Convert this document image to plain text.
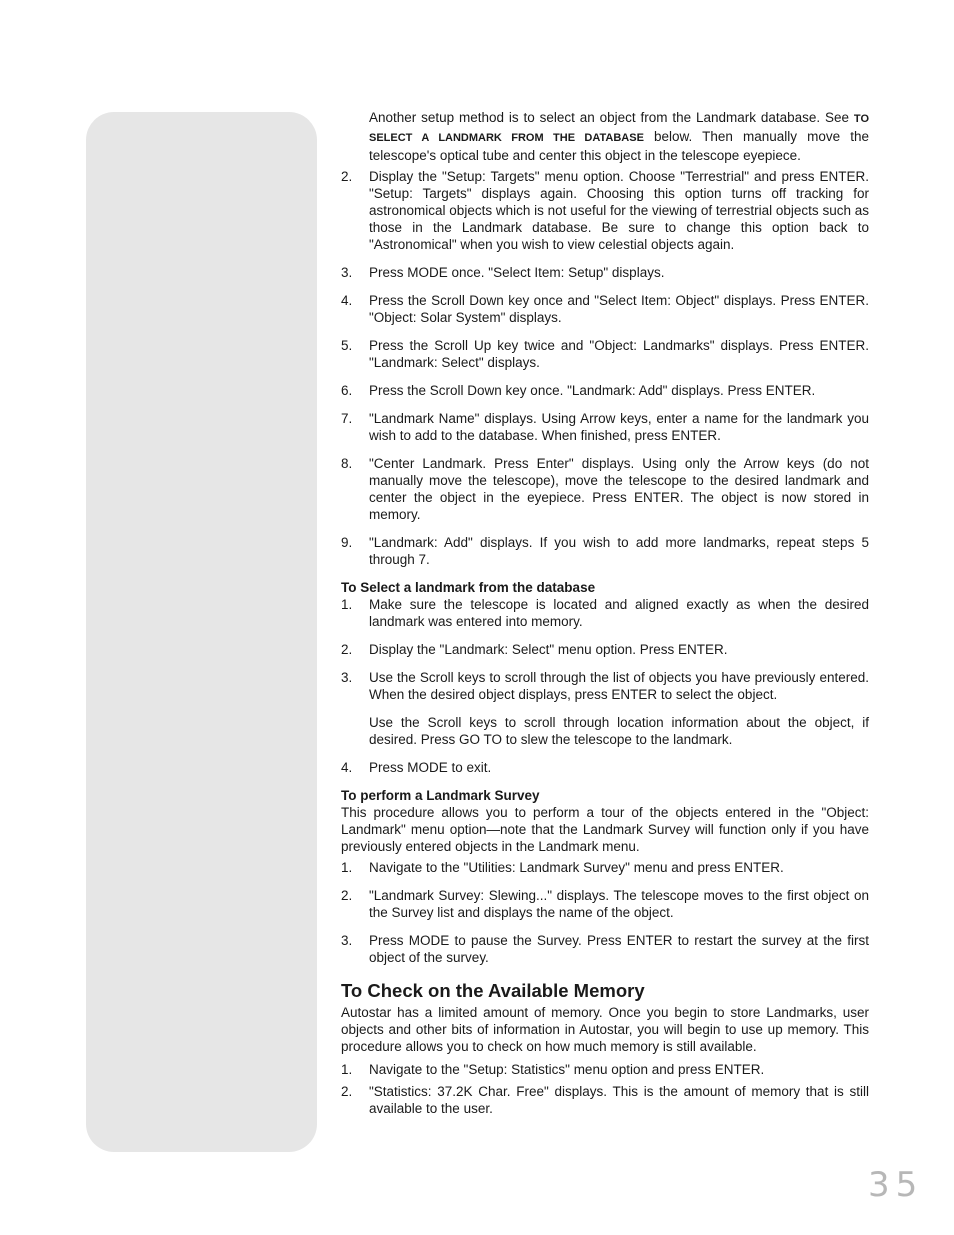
Another setup method is to select an object from the Landmark database. See TO SELECT A LANDMARK FROM THE DATABASE below. Then manually move the telescope's optical tube and center this object in the telescope eyepiece.

2.	Display the "Setup: Targets" menu option. Choose "Terrestrial" and press ENTER. "Setup: Targets" displays again. Choosing this option turns off tracking for astronomical objects which is not useful for the viewing of terrestrial objects such as those in the Landmark database. Be sure to change this option back to "Astronomical" when you wish to view celestial objects again.
3.	Press MODE once. "Select Item: Setup" displays.
4.	Press the Scroll Down key once and "Select Item: Object" displays. Press ENTER. "Object: Solar System" displays.
5.	Press the Scroll Up key twice and "Object: Landmarks" displays. Press ENTER. "Landmark: Select" displays.
6.	Press the Scroll Down key once. "Landmark: Add" displays. Press ENTER.
7.	"Landmark Name" displays. Using Arrow keys, enter a name for the landmark you wish to add to the database. When finished, press ENTER.
8.	"Center Landmark. Press Enter" displays. Using only the Arrow keys (do not manually move the telescope), move the telescope to the desired landmark and center the object in the eyepiece. Press ENTER. The object is now stored in memory.
9.	"Landmark: Add" displays. If you wish to add more landmarks, repeat steps 5 through 7.

To Select a landmark from the database

1.	Make sure the telescope is located and aligned exactly as when the desired landmark was entered into memory.
2.	Display the "Landmark: Select" menu option. Press ENTER.
3.	Use the Scroll keys to scroll through the list of objects you have previously entered. When the desired object displays, press ENTER to select the object.

Use the Scroll keys to scroll through location information about the object, if desired. Press GO TO to slew the telescope to the landmark.

4.	Press MODE to exit.

To perform a Landmark Survey

This procedure allows you to perform a tour of the objects entered in the "Object: Landmark" menu option—note that the Landmark Survey will function only if you have previously entered objects in the Landmark menu.

1.	Navigate to the "Utilities: Landmark Survey" menu and press ENTER.
2.	"Landmark Survey: Slewing..." displays. The telescope moves to the first object on the Survey list and displays the name of the object.
3.	Press MODE to pause the Survey. Press ENTER to restart the survey at the first object of the survey.
To Check on the Available Memory

Autostar has a limited amount of memory. Once you begin to store Landmarks, user objects and other bits of information in Autostar, you will begin to use up memory. This procedure allows you to check on how much memory is still available.

1.	Navigate to the "Setup: Statistics" menu option and press ENTER.
2.	"Statistics: 37.2K Char. Free" displays. This is the amount of memory that is still available to the user.
35
